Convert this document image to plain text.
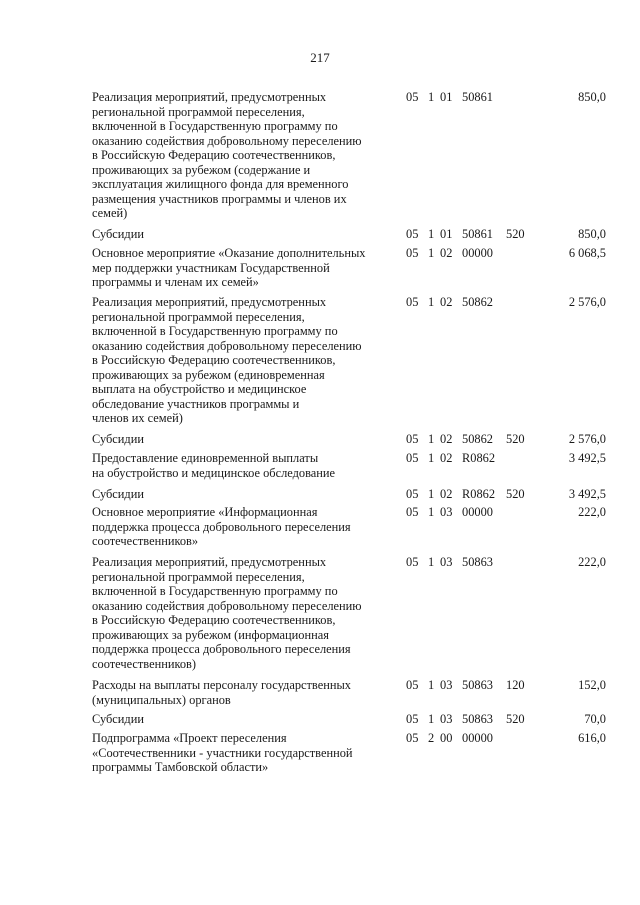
217
Реализация мероприятий, предусмотренных
региональной программой переселения,
включенной в Государственную программу по
оказанию содействия добровольному переселению
в Российскую Федерацию соотечественников,
проживающих за рубежом (содержание и
эксплуатация жилищного фонда для временного
размещения участников программы и членов их
семей)
05 1 01 50861	850,0
Субсидии	05 1 01 50861	520	850,0
Основное мероприятие «Оказание дополнительных
мер поддержки участникам Государственной
программы и членам их семей»
05 1 02 00000	6 068,5
Реализация мероприятий, предусмотренных
региональной программой переселения,
включенной в Государственную программу по
оказанию содействия добровольному переселению
в Российскую Федерацию соотечественников,
проживающих за рубежом (единовременная
выплата на обустройство и медицинское
обследование участников программы и
членов их семей)
05 1 02 50862	2 576,0
Субсидии	05 1 02 50862	520	2 576,0
Предоставление единовременной выплаты
на обустройство и медицинское обследование
05 1 02 R0862	3 492,5
Субсидии	05 1 02 R0862 520	3 492,5
Основное мероприятие «Информационная
поддержка процесса добровольного переселения
соотечественников»
05 1 03 00000	222,0
Реализация мероприятий, предусмотренных
региональной программой переселения,
включенной в Государственную программу по
оказанию содействия добровольному переселению
в Российскую Федерацию соотечественников,
проживающих за рубежом (информационная
поддержка процесса добровольного переселения
соотечественников)
05 1 03 50863	222,0
Расходы на выплаты персоналу государственных
(муниципальных) органов
05 1 03 50863	120	152,0
Субсидии	05 1 03 50863	520	70,0
Подпрограмма «Проект переселения
«Соотечественники - участники государственной
программы Тамбовской области»
05 2 00 00000	616,0
